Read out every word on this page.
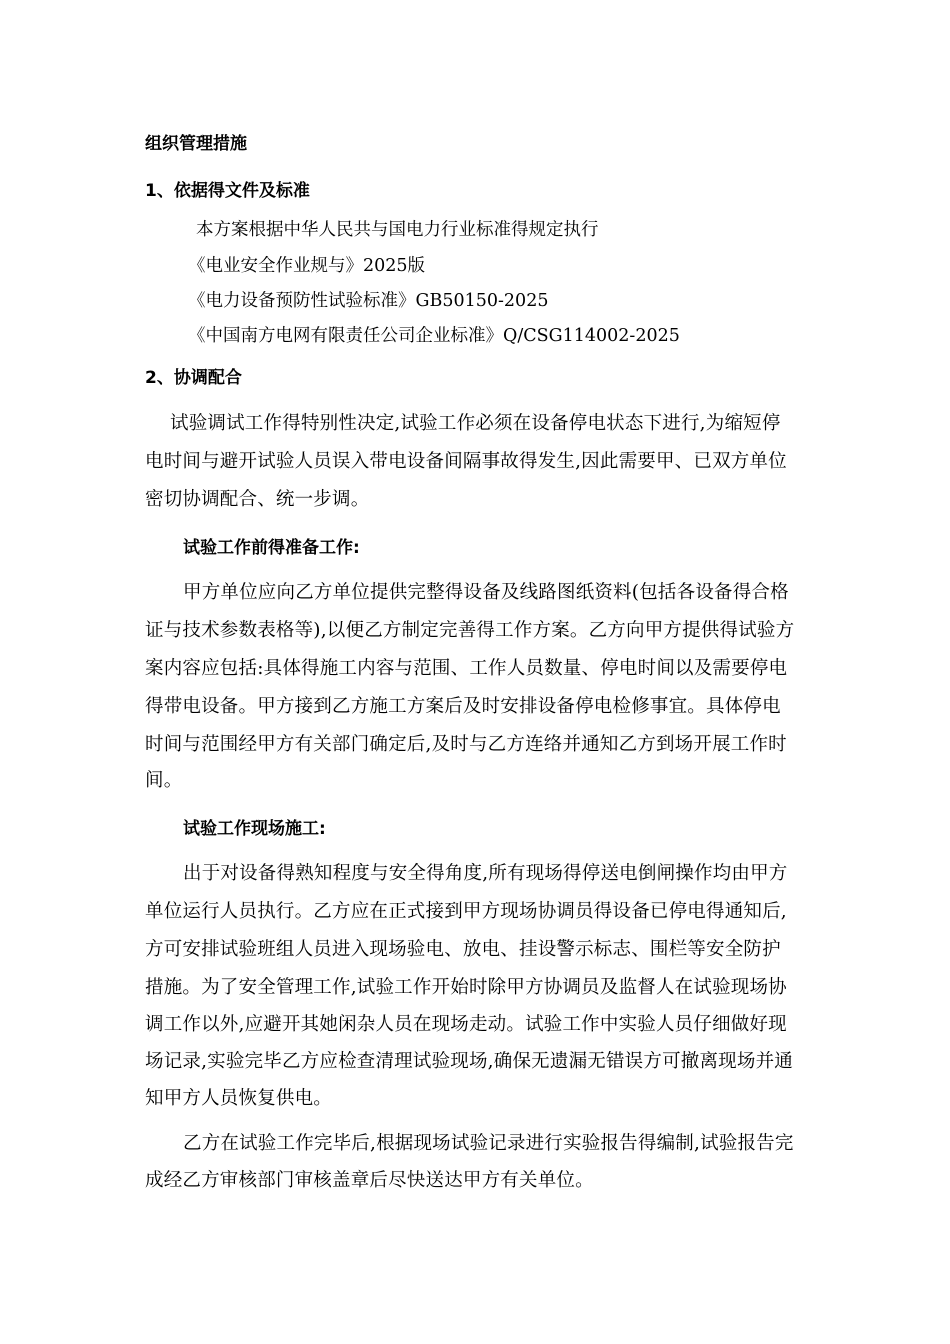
组织管理措施
1、依据得文件及标准
本方案根据中华人民共与国电力行业标准得规定执行
《电业安全作业规与》2025版
《电力设备预防性试验标准》GB50150-2025
《中国南方电网有限责任公司企业标准》Q/CSG114002-2025
2、协调配合
试验调试工作得特别性决定,试验工作必须在设备停电状态下进行,为缩短停
电时间与避开试验人员误入带电设备间隔事故得发生,因此需要甲、已双方单位
密切协调配合、统一步调。
试验工作前得准备工作:
甲方单位应向乙方单位提供完整得设备及线路图纸资料(包括各设备得合格
证与技术参数表格等),以便乙方制定完善得工作方案。乙方向甲方提供得试验方
案内容应包括:具体得施工内容与范围、工作人员数量、停电时间以及需要停电
得带电设备。甲方接到乙方施工方案后及时安排设备停电检修事宜。具体停电
时间与范围经甲方有关部门确定后,及时与乙方连络并通知乙方到场开展工作时
间。
试验工作现场施工:
出于对设备得熟知程度与安全得角度,所有现场得停送电倒闸操作均由甲方
单位运行人员执行。乙方应在正式接到甲方现场协调员得设备已停电得通知后,
方可安排试验班组人员进入现场验电、放电、挂设警示标志、围栏等安全防护
措施。为了安全管理工作,试验工作开始时除甲方协调员及监督人在试验现场协
调工作以外,应避开其她闲杂人员在现场走动。试验工作中实验人员仔细做好现
场记录,实验完毕乙方应检查清理试验现场,确保无遗漏无错误方可撤离现场并通
知甲方人员恢复供电。
乙方在试验工作完毕后,根据现场试验记录进行实验报告得编制,试验报告完
成经乙方审核部门审核盖章后尽快送达甲方有关单位。
